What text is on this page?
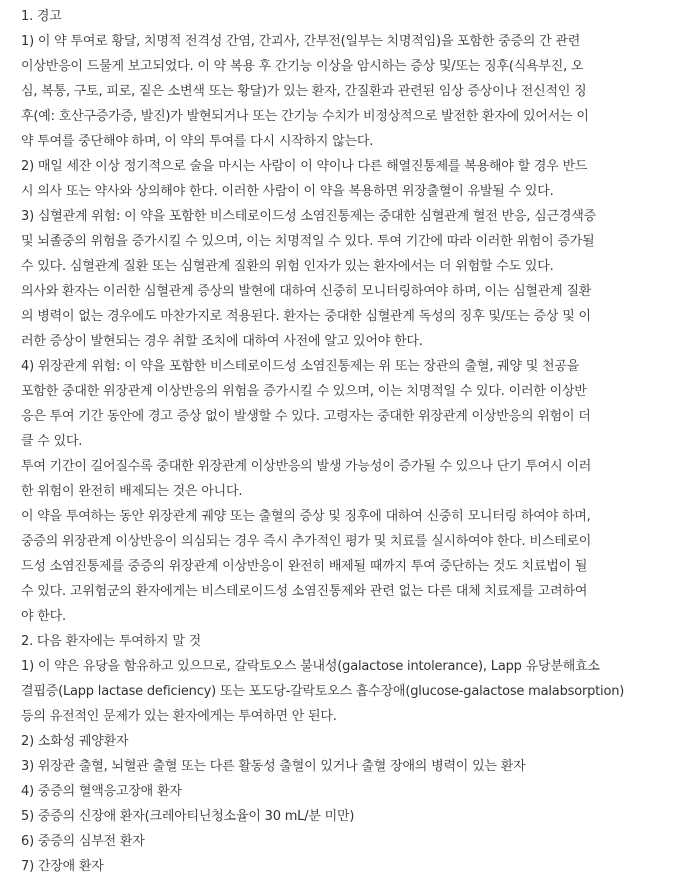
1. 경고
1) 이 약 투여로 황달, 치명적 전격성 간염, 간괴사, 간부전(일부는 치명적임)을 포함한 중증의 간 관련
이상반응이 드물게 보고되었다. 이 약 복용 후 간기능 이상을 암시하는 증상 및/또는 징후(식욕부진, 오
심, 복통, 구토, 피로, 짙은 소변색 또는 황달)가 있는 환자, 간질환과 관련된 임상 증상이나 전신적인 징
후(예: 호산구증가증, 발진)가 발현되거나 또는 간기능 수치가 비정상적으로 발전한 환자에 있어서는 이
약 투여를 중단해야 하며, 이 약의 투여를 다시 시작하지 않는다.
2) 매일 세잔 이상 정기적으로 술을 마시는 사람이 이 약이나 다른 해열진통제를 복용해야 할 경우 반드
시 의사 또는 약사와 상의해야 한다. 이러한 사람이 이 약을 복용하면 위장출혈이 유발될 수 있다.
3) 심혈관계 위험: 이 약을 포함한 비스테로이드성 소염진통제는 중대한 심혈관계 혈전 반응, 심근경색증
및 뇌졸중의 위험을 증가시킬 수 있으며, 이는 치명적일 수 있다. 투여 기간에 따라 이러한 위험이 증가될
수 있다. 심혈관계 질환 또는 심혈관계 질환의 위험 인자가 있는 환자에서는 더 위험할 수도 있다.
의사와 환자는 이러한 심혈관계 증상의 발현에 대하여 신중히 모니터링하여야 하며, 이는 심혈관계 질환
의 병력이 없는 경우에도 마찬가지로 적용된다. 환자는 중대한 심혈관계 독성의 징후 및/또는 증상 및 이
러한 증상이 발현되는 경우 취할 조치에 대하여 사전에 알고 있어야 한다.
4) 위장관계 위험: 이 약을 포함한 비스테로이드성 소염진통제는 위 또는 장관의 출혈, 궤양 및 천공을
포함한 중대한 위장관계 이상반응의 위험을 증가시킬 수 있으며, 이는 치명적일 수 있다. 이러한 이상반
응은 투여 기간 동안에 경고 증상 없이 발생할 수 있다. 고령자는 중대한 위장관계 이상반응의 위험이 더
클 수 있다.
투여 기간이 길어질수록 중대한 위장관계 이상반응의 발생 가능성이 증가될 수 있으나 단기 투여시 이러
한 위험이 완전히 배제되는 것은 아니다.
이 약을 투여하는 동안 위장관계 궤양 또는 출혈의 증상 및 징후에 대하여 신중히 모니터링 하여야 하며,
중증의 위장관계 이상반응이 의심되는 경우 즉시 추가적인 평가 및 치료를 실시하여야 한다. 비스테로이
드성 소염진통제를 중증의 위장관계 이상반응이 완전히 배제될 때까지 투여 중단하는 것도 치료법이 될
수 있다. 고위험군의 환자에게는 비스테로이드성 소염진통제와 관련 없는 다른 대체 치료제를 고려하여
야 한다.
2. 다음 환자에는 투여하지 말 것
1) 이 약은 유당을 함유하고 있으므로, 갈락토오스 불내성(galactose intolerance), Lapp 유당분해효소
결핍증(Lapp lactase deficiency) 또는 포도당-갈락토오스 흡수장애(glucose-galactose malabsorption)
등의 유전적인 문제가 있는 환자에게는 투여하면 안 된다.
2) 소화성 궤양환자
3) 위장관 출혈, 뇌혈관 출혈 또는 다른 활동성 출혈이 있거나 출혈 장애의 병력이 있는 환자
4) 중증의 혈액응고장애 환자
5) 중증의 신장애 환자(크레아티닌청소율이 30 mL/분 미만)
6) 중증의 심부전 환자
7) 간장애 환자
